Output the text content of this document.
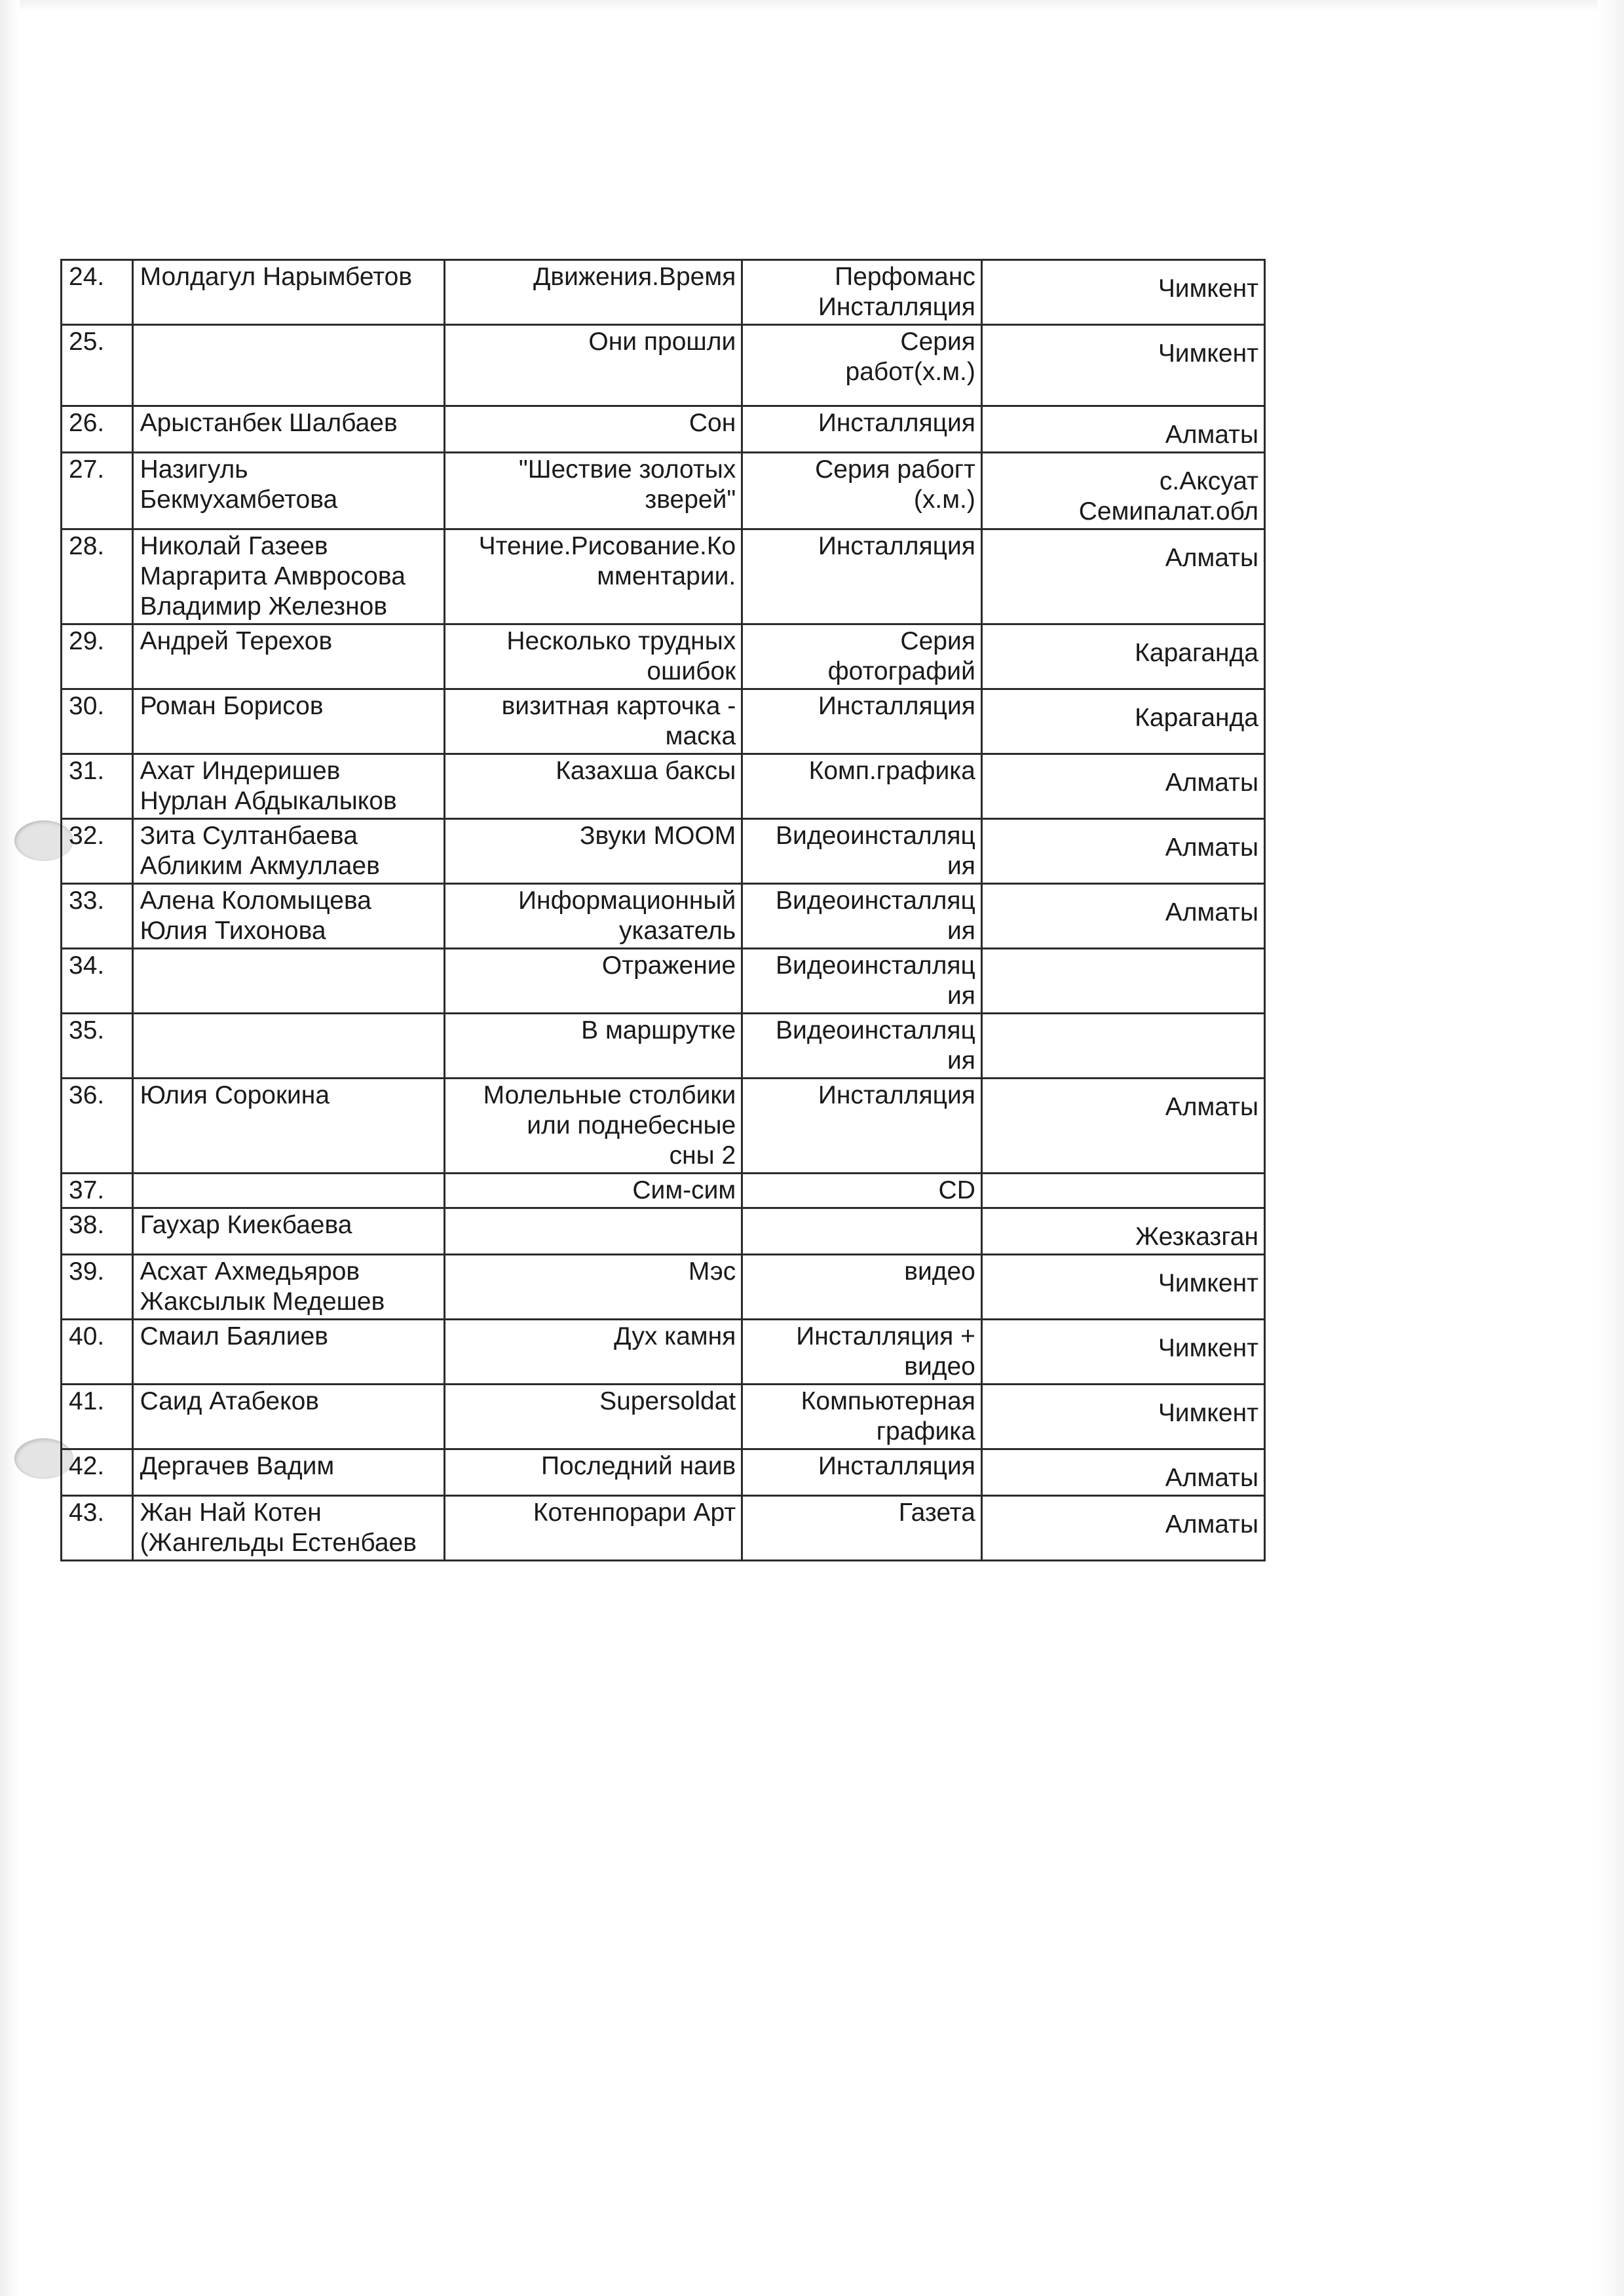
24.	Молдагул Нарымбетов	Движения.Время	Перфоманс
Инсталляция	Чимкент

25.		Они прошли	Серия
работ(х.м.)	Чимкент

26.	Арыстанбек Шалбаев	Сон	Инсталляция	Алматы

27.	Назигуль
Бекмухамбетова	"Шествие золотых
зверей"	Серия рабогт
(х.м.)	с.Аксуат
Семипалат.обл

28.	Николай Газеев
Маргарита Амвросова
Владимир Железнов	Чтение.Рисование.Ко
мментарии.	Инсталляция	Алматы

29.	Андрей Терехов	Несколько трудных
ошибок	Серия
фотографий	Караганда

30.	Роман Борисов	визитная карточка -
маска	Инсталляция	Караганда

31.	Ахат Индеришев
Нурлан Абдыкалыков	Казахша баксы	Комп.графика	Алматы

32.	Зита Султанбаева
Абликим Акмуллаев	Звуки МООМ	Видеоинсталляц
ия	Алматы

33.	Алена Коломыцева
Юлия Тихонова	Информационный
указатель	Видеоинсталляц
ия	Алматы

34.		Отражение	Видеоинсталляц
ия	

35.		В маршрутке	Видеоинсталляц
ия	

36.	Юлия Сорокина	Молельные столбики
или поднебесные
сны 2	Инсталляция	Алматы

37.		Сим-сим	CD	

38.	Гаухар Киекбаева			Жезказган

39.	Асхат Ахмедьяров
Жаксылык Медешев	Мэс	видео	Чимкент

40.	Смаил Баялиев	Дух камня	Инсталляция +
видео	Чимкент

41.	Саид Атабеков	Supersoldat	Компьютерная
графика	Чимкент

42.	Дергачев Вадим	Последний наив	Инсталляция	Алматы

43.	Жан Най Котен
(Жангельды Естенбаев	Котенпорари Арт	Газета	Алматы
